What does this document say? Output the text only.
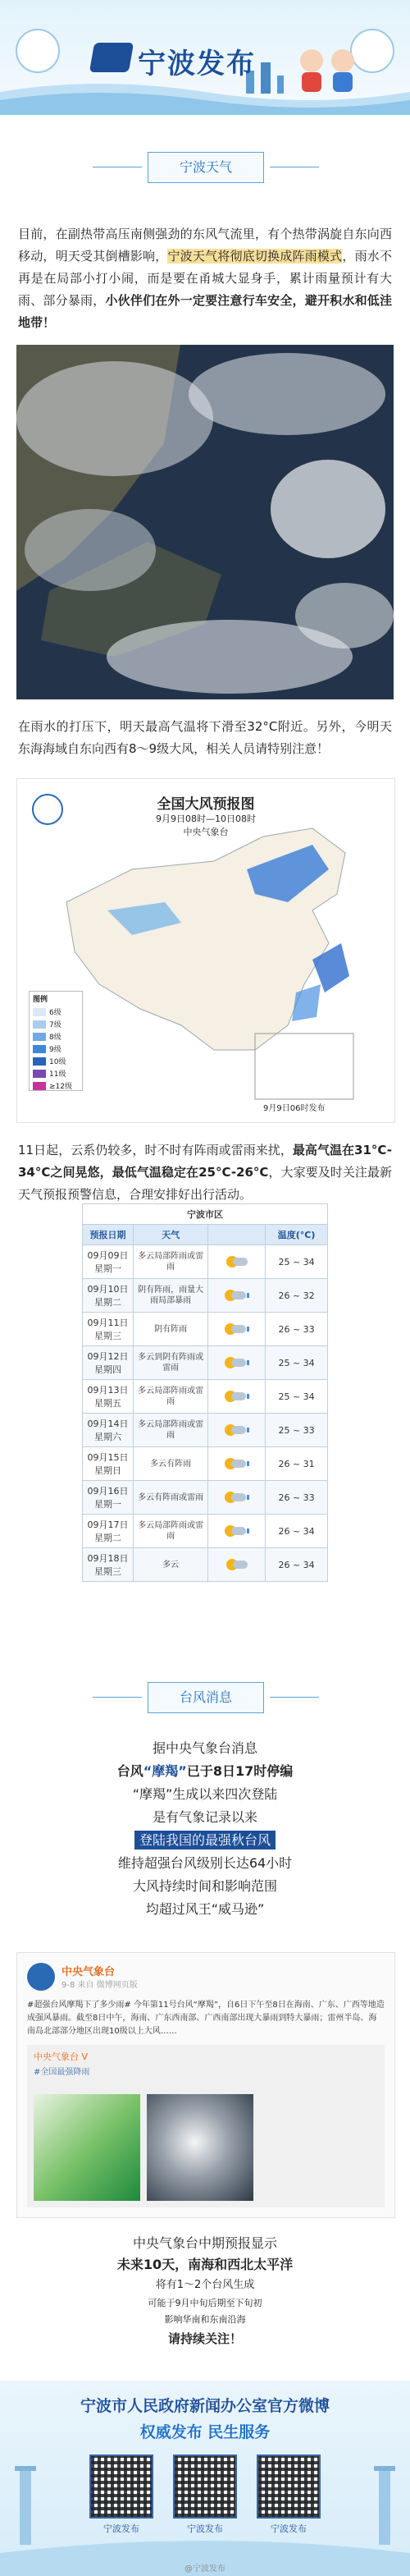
宁波发布
宁波天气
目前，在副热带高压南侧强劲的东风气流里，有个热带涡旋自东向西移动，明天受其倒槽影响，宁波天气将彻底切换成阵雨模式，雨水不再是在局部小打小闹，而是要在甬城大显身手，累计雨量预计有大雨、部分暴雨，小伙伴们在外一定要注意行车安全，避开积水和低洼地带！
在雨水的打压下，明天最高气温将下滑至32°C附近。另外，今明天东海海域自东向西有8～9级大风，相关人员请特别注意！
全国大风预报图
9月9日08时—10日08时
中央气象台
图例
6级
7级
8级
9级
10级
11级
≥12级
9月9日06时发布
11日起，云系仍较多，时不时有阵雨或雷雨来扰，最高气温在31°C-34°C之间晃悠，最低气温稳定在25°C-26°C，大家要及时关注最新天气预报预警信息，合理安排好出行活动。
宁波市区			
预报日期	天气		温度(°C)

09月09日
星期一	多云局部阵雨或雷雨		25 ~ 34

09月10日
星期二	阴有阵雨，雨量大雨局部暴雨		26 ~ 32

09月11日
星期三	阴有阵雨		26 ~ 33

09月12日
星期四	多云到阴有阵雨或雷雨		25 ~ 34

09月13日
星期五	多云局部阵雨或雷雨		25 ~ 34

09月14日
星期六	多云局部阵雨或雷雨		25 ~ 33

09月15日
星期日	多云有阵雨		26 ~ 31

09月16日
星期一	多云有阵雨或雷雨		26 ~ 33

09月17日
星期二	多云局部阵雨或雷雨		26 ~ 34

09月18日
星期三	多云		26 ~ 34
台风消息
据中央气象台消息
台风“摩羯”已于8日17时停编
“摩羯”生成以来四次登陆
是有气象记录以来
登陆我国的最强秋台风
维持超强台风级别长达64小时
大风持续时间和影响范围
均超过风王“威马逊”
中央气象台
9-8 来自 微博网页版
#超强台风摩羯下了多少雨# 今年第11号台风“摩羯”，自6日下午至8日在海南、广东、广西等地造成强风暴雨。截至8日中午，海南、广东西南部、广西南部出现大暴雨到特大暴雨；雷州半岛、海南岛北部部分地区出现10级以上大风……
中央气象台 V
#全国最强降雨
中央气象台中期预报显示
未来10天，南海和西北太平洋
将有1～2个台风生成
可能于9月中旬后期至下旬初
影响华南和东南沿海
请持续关注！
宁波市人民政府新闻办公室官方微博
权威发布 民生服务
宁波发布	宁波发布	宁波发布
@宁波发布
